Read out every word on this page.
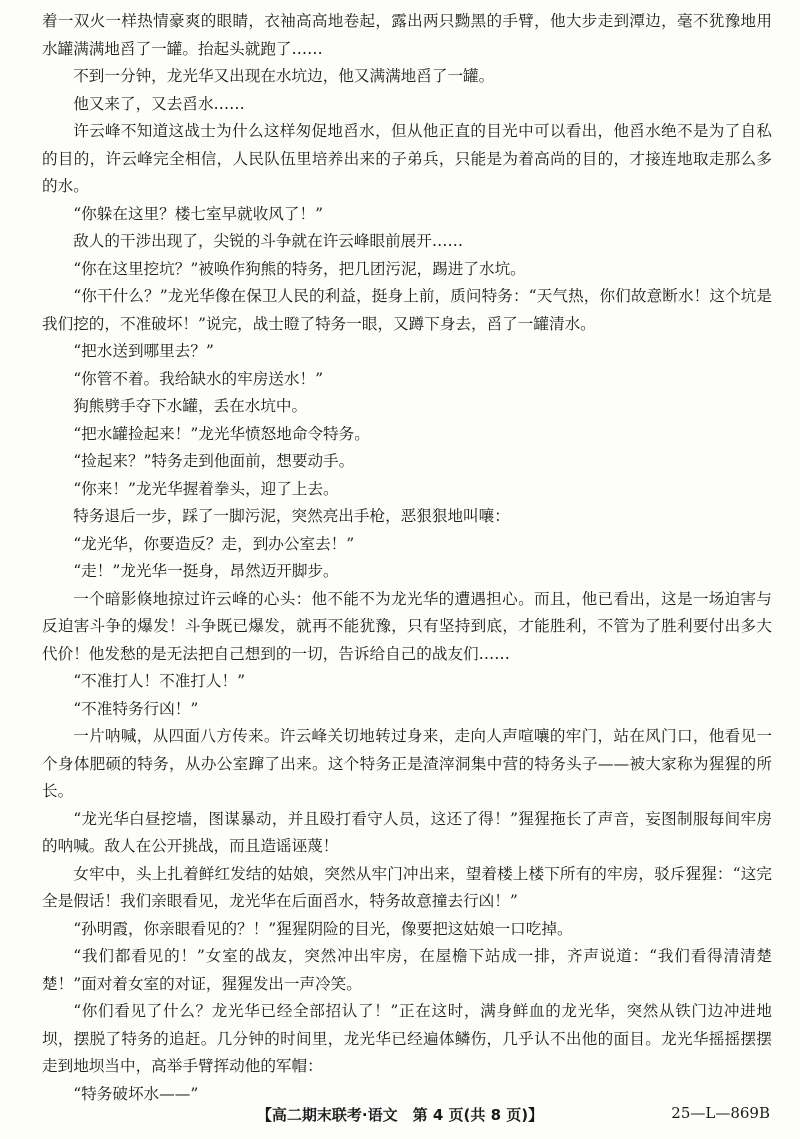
着一双火一样热情豪爽的眼睛，衣袖高高地卷起，露出两只黝黑的手臂，他大步走到潭边，毫不犹豫地用水罐满满地舀了一罐。抬起头就跑了……

不到一分钟，龙光华又出现在水坑边，他又满满地舀了一罐。

他又来了，又去舀水……

许云峰不知道这战士为什么这样匆促地舀水，但从他正直的目光中可以看出，他舀水绝不是为了自私的目的，许云峰完全相信，人民队伍里培养出来的子弟兵，只能是为着高尚的目的，才接连地取走那么多的水。

“你躲在这里？楼七室早就收风了！”

敌人的干涉出现了，尖锐的斗争就在许云峰眼前展开……

“你在这里挖坑？”被唤作狗熊的特务，把几团污泥，踢进了水坑。

“你干什么？”龙光华像在保卫人民的利益，挺身上前，质问特务：“天气热，你们故意断水！这个坑是我们挖的，不准破坏！”说完，战士瞪了特务一眼，又蹲下身去，舀了一罐清水。

“把水送到哪里去？”

“你管不着。我给缺水的牢房送水！”

狗熊劈手夺下水罐，丢在水坑中。

“把水罐捡起来！”龙光华愤怒地命令特务。

“捡起来？”特务走到他面前，想要动手。

“你来！”龙光华握着拳头，迎了上去。

特务退后一步，踩了一脚污泥，突然亮出手枪，恶狠狠地叫嚷：

“龙光华，你要造反？走，到办公室去！”

“走！”龙光华一挺身，昂然迈开脚步。

一个暗影倏地掠过许云峰的心头：他不能不为龙光华的遭遇担心。而且，他已看出，这是一场迫害与反迫害斗争的爆发！斗争既已爆发，就再不能犹豫，只有坚持到底，才能胜利，不管为了胜利要付出多大代价！他发愁的是无法把自己想到的一切，告诉给自己的战友们……

“不准打人！不准打人！”

“不准特务行凶！”

一片呐喊，从四面八方传来。许云峰关切地转过身来，走向人声喧嚷的牢门，站在风门口，他看见一个身体肥硕的特务，从办公室蹿了出来。这个特务正是渣滓洞集中营的特务头子——被大家称为猩猩的所长。

“龙光华白昼挖墙，图谋暴动，并且殴打看守人员，这还了得！”猩猩拖长了声音，妄图制服每间牢房的呐喊。敌人在公开挑战，而且造谣诬蔑！

女牢中，头上扎着鲜红发结的姑娘，突然从牢门冲出来，望着楼上楼下所有的牢房，驳斥猩猩：“这完全是假话！我们亲眼看见，龙光华在后面舀水，特务故意撞去行凶！”

“孙明霞，你亲眼看见的？！”猩猩阴险的目光，像要把这姑娘一口吃掉。

“我们都看见的！”女室的战友，突然冲出牢房，在屋檐下站成一排，齐声说道：“我们看得清清楚楚！”面对着女室的对证，猩猩发出一声冷笑。

“你们看见了什么？龙光华已经全部招认了！”正在这时，满身鲜血的龙光华，突然从铁门边冲进地坝，摆脱了特务的追赶。几分钟的时间里，龙光华已经遍体鳞伤，几乎认不出他的面目。龙光华摇摇摆摆走到地坝当中，高举手臂挥动他的军帽：

“特务破坏水——”

【高二期末联考·语文　第 4 页(共 8 页)】	25—L—869B
